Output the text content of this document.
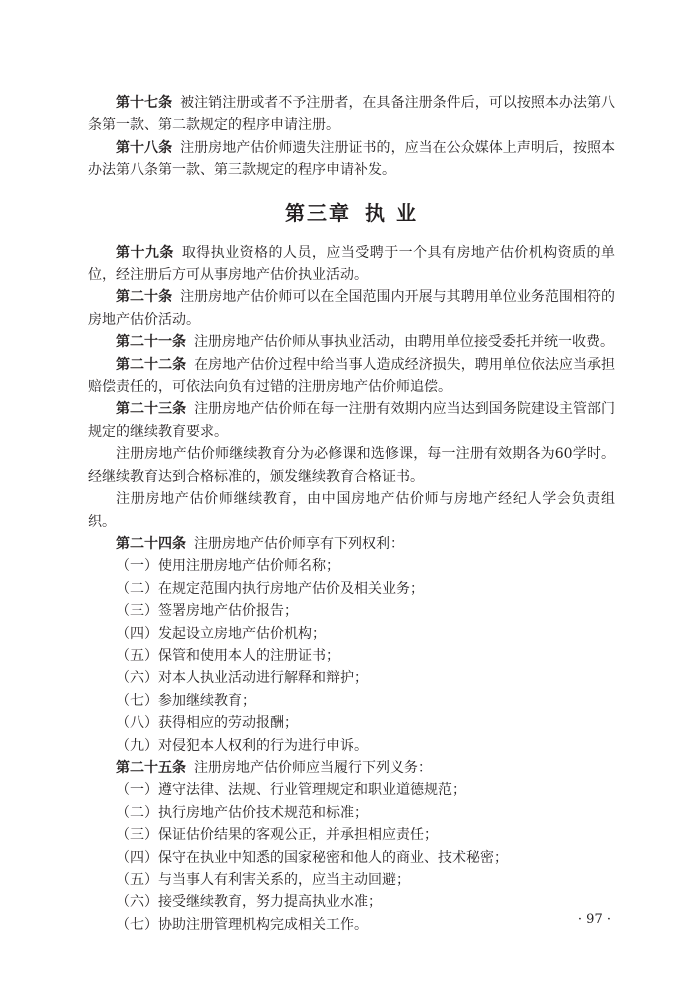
第十七条 被注销注册或者不予注册者，在具备注册条件后，可以按照本办法第八条第一款、第二款规定的程序申请注册。

第十八条 注册房地产估价师遗失注册证书的，应当在公众媒体上声明后，按照本办法第八条第一款、第三款规定的程序申请补发。

第三章 执 业

第十九条 取得执业资格的人员，应当受聘于一个具有房地产估价机构资质的单位，经注册后方可从事房地产估价执业活动。

第二十条 注册房地产估价师可以在全国范围内开展与其聘用单位业务范围相符的房地产估价活动。

第二十一条 注册房地产估价师从事执业活动，由聘用单位接受委托并统一收费。

第二十二条 在房地产估价过程中给当事人造成经济损失，聘用单位依法应当承担赔偿责任的，可依法向负有过错的注册房地产估价师追偿。

第二十三条 注册房地产估价师在每一注册有效期内应当达到国务院建设主管部门规定的继续教育要求。

注册房地产估价师继续教育分为必修课和选修课，每一注册有效期各为60学时。经继续教育达到合格标准的，颁发继续教育合格证书。

注册房地产估价师继续教育，由中国房地产估价师与房地产经纪人学会负责组织。

第二十四条 注册房地产估价师享有下列权利：

（一）使用注册房地产估价师名称；
（二）在规定范围内执行房地产估价及相关业务；
（三）签署房地产估价报告；
（四）发起设立房地产估价机构；
（五）保管和使用本人的注册证书；
（六）对本人执业活动进行解释和辩护；
（七）参加继续教育；
（八）获得相应的劳动报酬；
（九）对侵犯本人权利的行为进行申诉。

第二十五条 注册房地产估价师应当履行下列义务：

（一）遵守法律、法规、行业管理规定和职业道德规范；
（二）执行房地产估价技术规范和标准；
（三）保证估价结果的客观公正，并承担相应责任；
（四）保守在执业中知悉的国家秘密和他人的商业、技术秘密；
（五）与当事人有利害关系的，应当主动回避；
（六）接受继续教育，努力提高执业水准；
（七）协助注册管理机构完成相关工作。	· 97 ·
